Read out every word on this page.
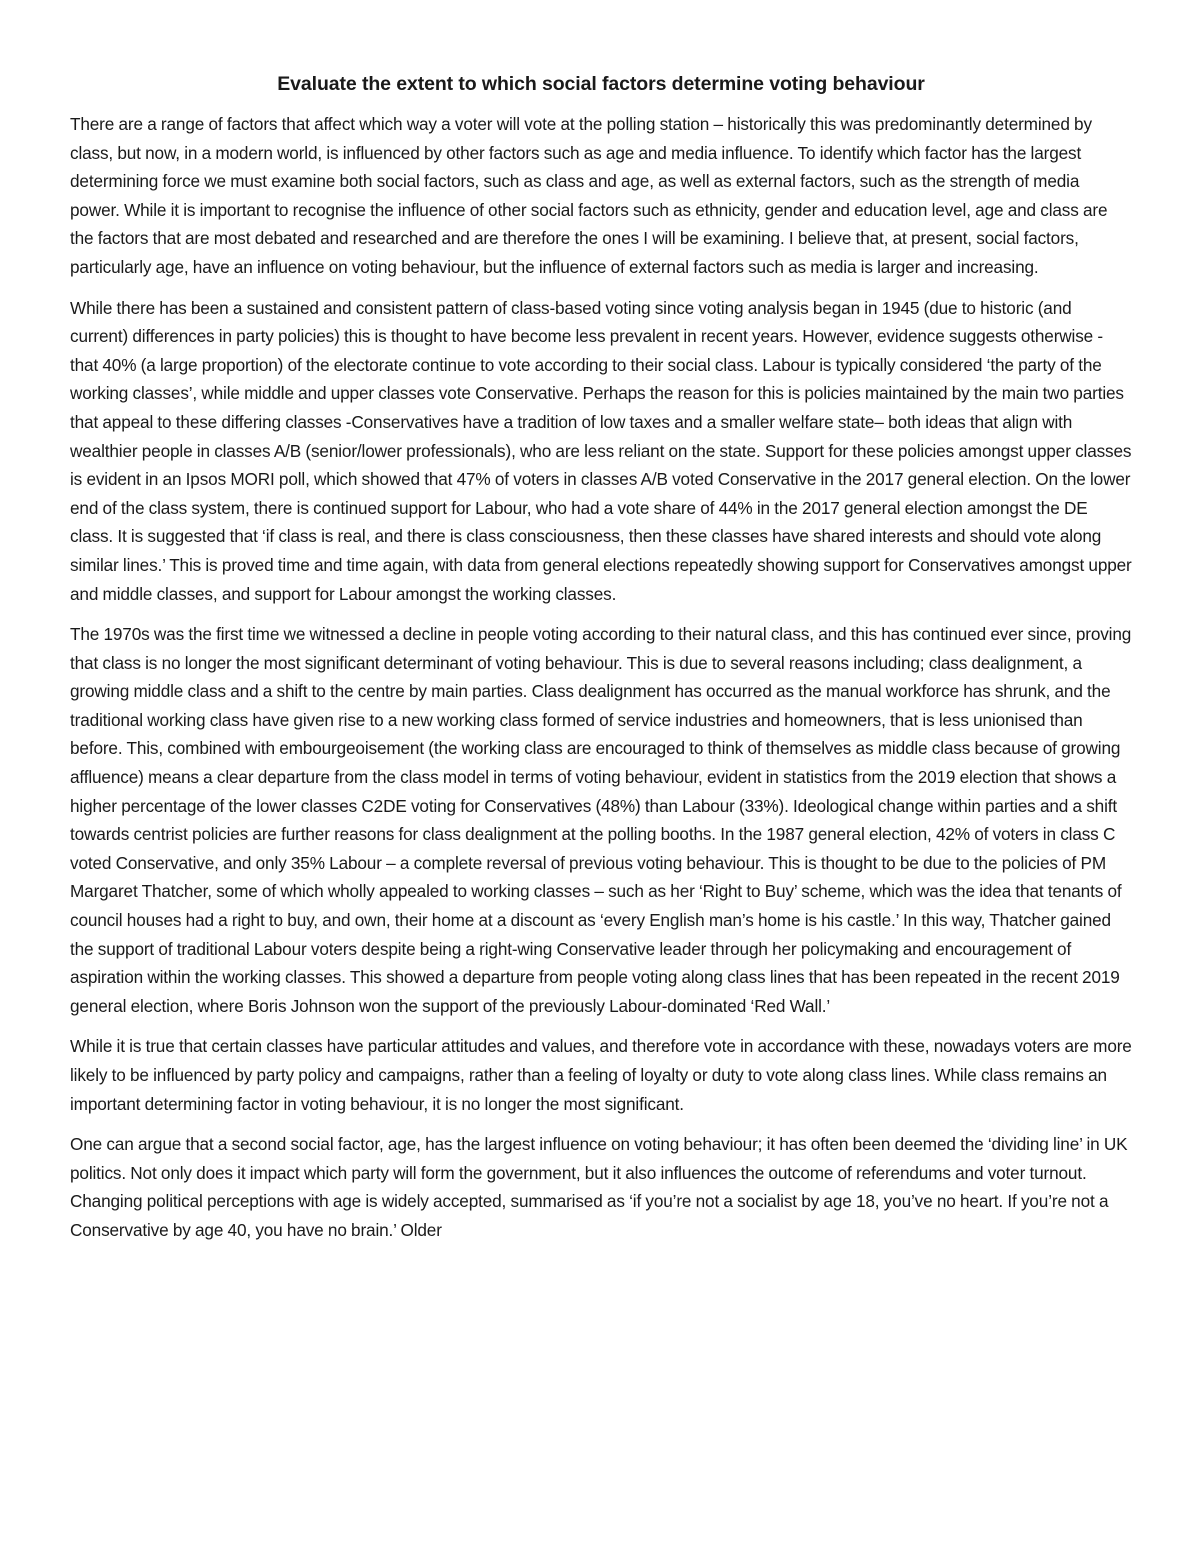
Evaluate the extent to which social factors determine voting behaviour

There are a range of factors that affect which way a voter will vote at the polling station – historically this was predominantly determined by class, but now, in a modern world, is influenced by other factors such as age and media influence. To identify which factor has the largest determining force we must examine both social factors, such as class and age, as well as external factors, such as the strength of media power. While it is important to recognise the influence of other social factors such as ethnicity, gender and education level, age and class are the factors that are most debated and researched and are therefore the ones I will be examining. I believe that, at present, social factors, particularly age, have an influence on voting behaviour, but the influence of external factors such as media is larger and increasing.

While there has been a sustained and consistent pattern of class-based voting since voting analysis began in 1945 (due to historic (and current) differences in party policies) this is thought to have become less prevalent in recent years. However, evidence suggests otherwise - that 40% (a large proportion) of the electorate continue to vote according to their social class. Labour is typically considered ‘the party of the working classes’, while middle and upper classes vote Conservative. Perhaps the reason for this is policies maintained by the main two parties that appeal to these differing classes -Conservatives have a tradition of low taxes and a smaller welfare state– both ideas that align with wealthier people in classes A/B (senior/lower professionals), who are less reliant on the state. Support for these policies amongst upper classes is evident in an Ipsos MORI poll, which showed that 47% of voters in classes A/B voted Conservative in the 2017 general election. On the lower end of the class system, there is continued support for Labour, who had a vote share of 44% in the 2017 general election amongst the DE class. It is suggested that ‘if class is real, and there is class consciousness, then these classes have shared interests and should vote along similar lines.’ This is proved time and time again, with data from general elections repeatedly showing support for Conservatives amongst upper and middle classes, and support for Labour amongst the working classes.

The 1970s was the first time we witnessed a decline in people voting according to their natural class, and this has continued ever since, proving that class is no longer the most significant determinant of voting behaviour. This is due to several reasons including; class dealignment, a growing middle class and a shift to the centre by main parties. Class dealignment has occurred as the manual workforce has shrunk, and the traditional working class have given rise to a new working class formed of service industries and homeowners, that is less unionised than before. This, combined with embourgeoisement (the working class are encouraged to think of themselves as middle class because of growing affluence) means a clear departure from the class model in terms of voting behaviour, evident in statistics from the 2019 election that shows a higher percentage of the lower classes C2DE voting for Conservatives (48%) than Labour (33%). Ideological change within parties and a shift towards centrist policies are further reasons for class dealignment at the polling booths. In the 1987 general election, 42% of voters in class C voted Conservative, and only 35% Labour – a complete reversal of previous voting behaviour. This is thought to be due to the policies of PM Margaret Thatcher, some of which wholly appealed to working classes – such as her ‘Right to Buy’ scheme, which was the idea that tenants of council houses had a right to buy, and own, their home at a discount as ‘every English man’s home is his castle.’ In this way, Thatcher gained the support of traditional Labour voters despite being a right-wing Conservative leader through her policymaking and encouragement of aspiration within the working classes. This showed a departure from people voting along class lines that has been repeated in the recent 2019 general election, where Boris Johnson won the support of the previously Labour-dominated ‘Red Wall.’

While it is true that certain classes have particular attitudes and values, and therefore vote in accordance with these, nowadays voters are more likely to be influenced by party policy and campaigns, rather than a feeling of loyalty or duty to vote along class lines. While class remains an important determining factor in voting behaviour, it is no longer the most significant.

One can argue that a second social factor, age, has the largest influence on voting behaviour; it has often been deemed the ‘dividing line’ in UK politics. Not only does it impact which party will form the government, but it also influences the outcome of referendums and voter turnout. Changing political perceptions with age is widely accepted, summarised as ‘if you’re not a socialist by age 18, you’ve no heart. If you’re not a Conservative by age 40, you have no brain.’ Older
